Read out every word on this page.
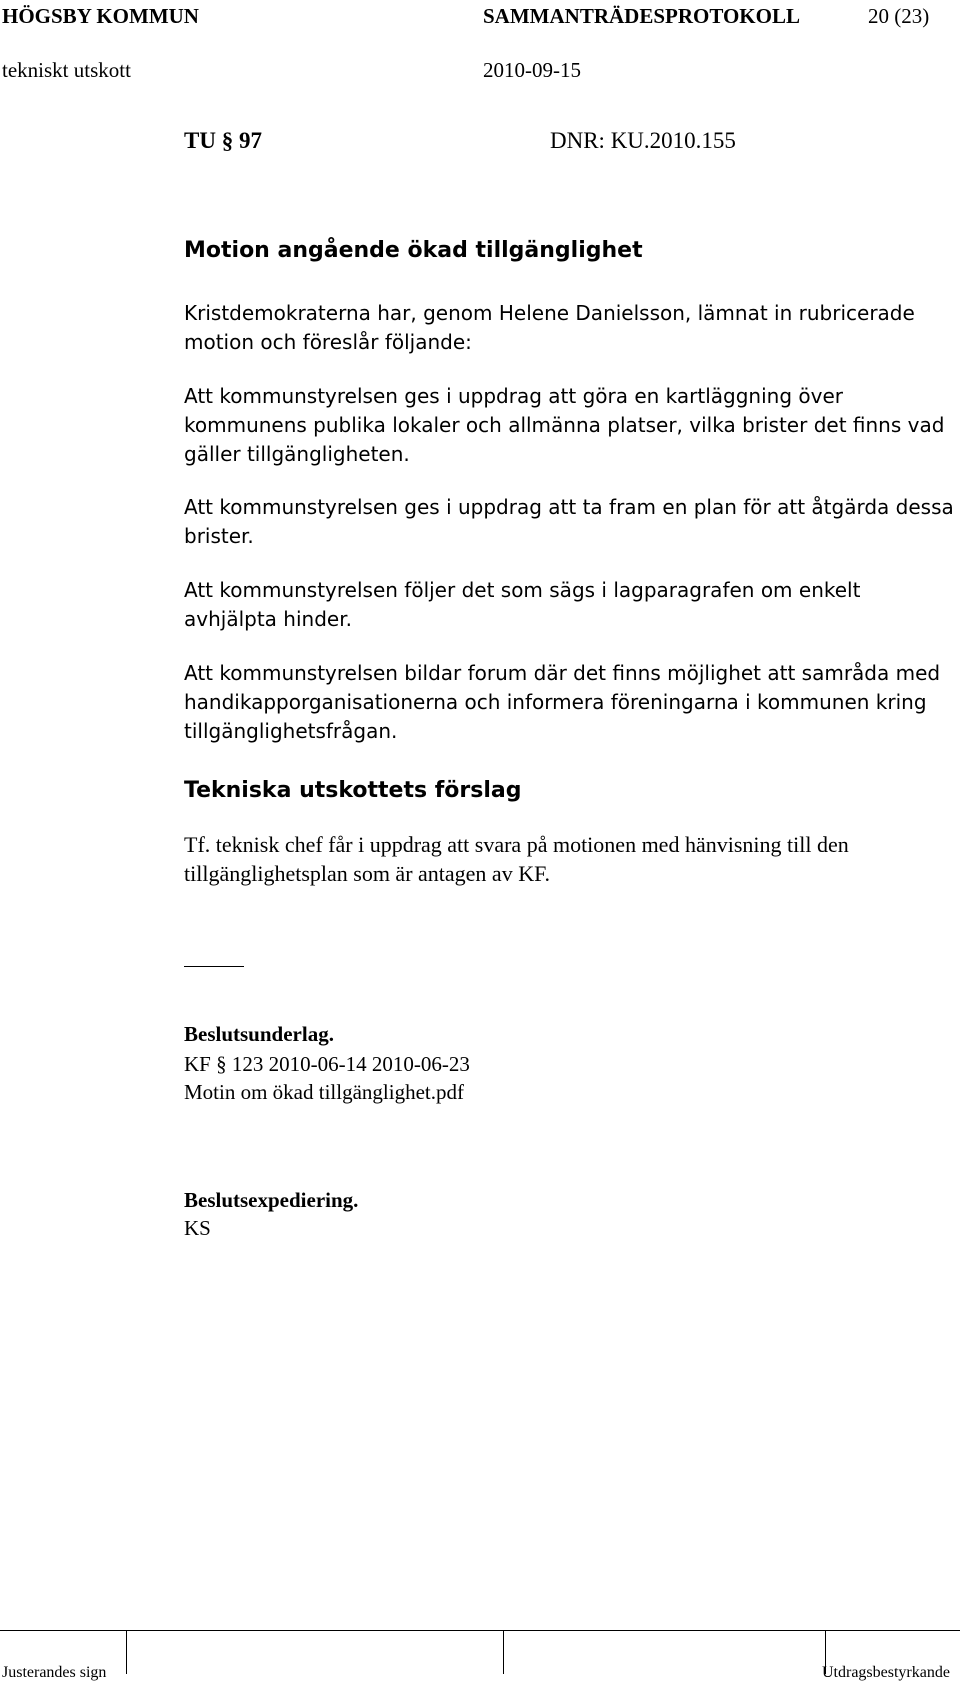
HÖGSBY KOMMUN	SAMMANTRÄDESPROTOKOLL	20 (23)
tekniskt utskott	2010-09-15
TU § 97	DNR: KU.2010.155
Motion angående ökad tillgänglighet
Kristdemokraterna har, genom Helene Danielsson, lämnat in rubricerade
motion och föreslår följande:
Att kommunstyrelsen ges i uppdrag att göra en kartläggning över
kommunens publika lokaler och allmänna platser, vilka brister det finns vad
gäller tillgängligheten.
Att kommunstyrelsen ges i uppdrag att ta fram en plan för att åtgärda dessa
brister.
Att kommunstyrelsen följer det som sägs i lagparagrafen om enkelt
avhjälpta hinder.
Att kommunstyrelsen bildar forum där det finns möjlighet att samråda med
handikapporganisationerna och informera föreningarna i kommunen kring
tillgänglighetsfrågan.
Tekniska utskottets förslag
Tf. teknisk chef får i uppdrag att svara på motionen med hänvisning till den
tillgänglighetsplan som är antagen av KF.
Beslutsunderlag.
KF § 123 2010-06-14 2010-06-23
Motin om ökad tillgänglighet.pdf
Beslutsexpediering.
KS
Justerandes sign	Utdragsbestyrkande
